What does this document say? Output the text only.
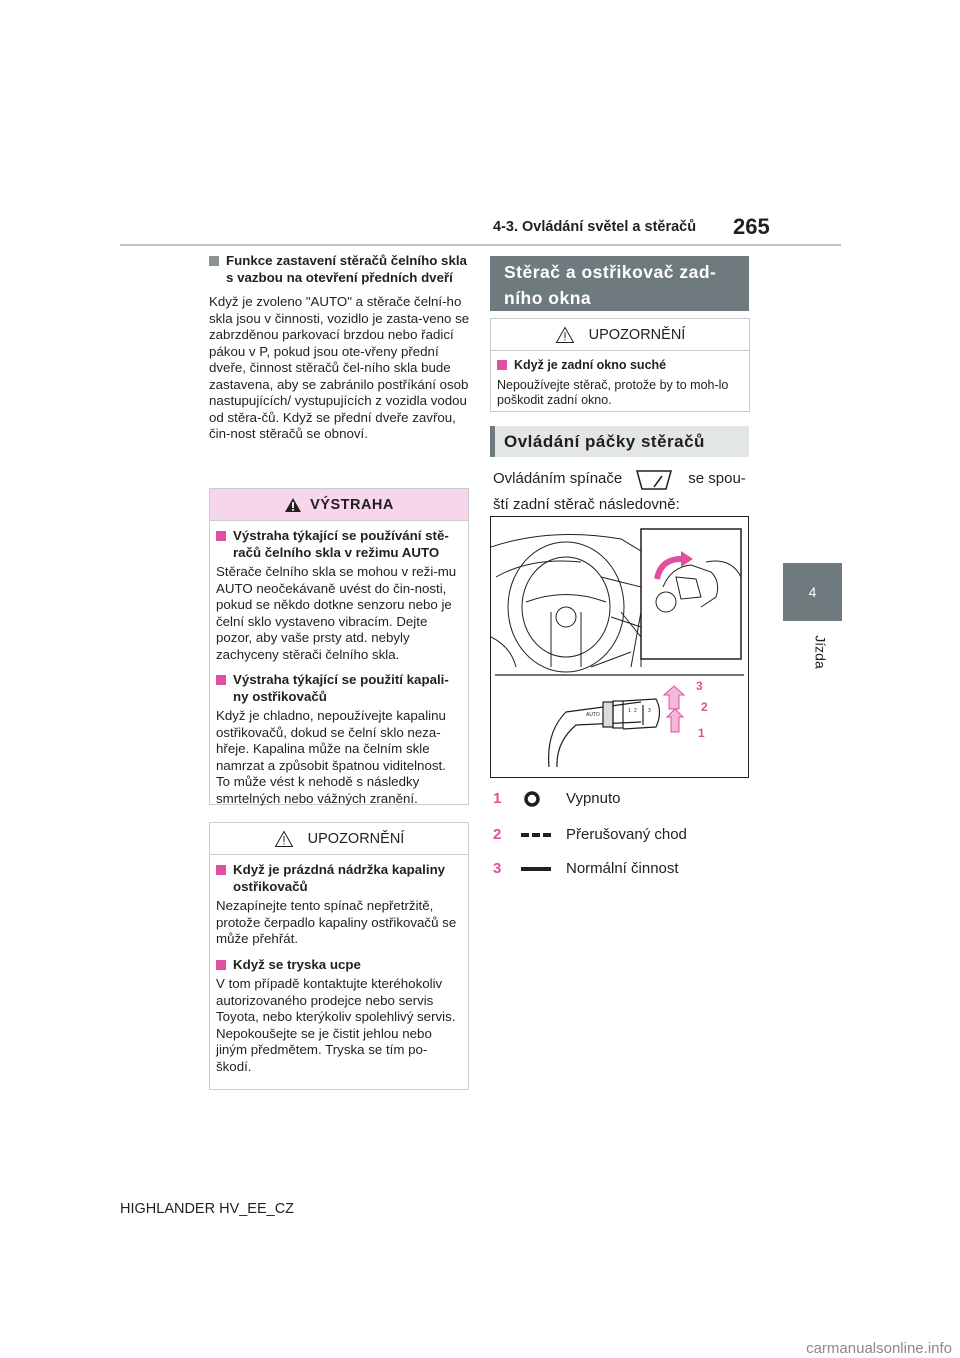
4-3. Ovládání světel a stěračů 265
4
Jízda
Funkce zastavení stěračů čelního skla s vazbou na otevření předních dveří

Když je zvoleno "AUTO" a stěrače čelní-ho skla jsou v činnosti, vozidlo je zasta-veno se zabrzděnou parkovací brzdou nebo řadicí pákou v P, pokud jsou ote-vřeny přední dveře, činnost stěračů čel-ního skla bude zastavena, aby se zabránilo postříkání osob nastupujících/ vystupujících z vozidla vodou od stěra-čů. Když se přední dveře zavřou, čin-nost stěračů se obnoví.

VÝSTRAHA
Výstraha týkající se používání stě-račů čelního skla v režimu AUTO

Stěrače čelního skla se mohou v reži-mu AUTO neočekávaně uvést do čin-nosti, pokud se někdo dotkne senzoru nebo je čelní sklo vystaveno vibracím. Dejte pozor, aby vaše prsty atd. nebyly zachyceny stěrači čelního skla.

Výstraha týkající se použití kapali-ny ostřikovačů

Když je chladno, nepoužívejte kapalinu ostřikovačů, dokud se čelní sklo neza-hřeje. Kapalina může na čelním skle namrzat a způsobit špatnou viditelnost. To může vést k nehodě s následky smrtelných nebo vážných zranění.

UPOZORNĚNÍ
Když je prázdná nádržka kapaliny ostřikovačů

Nezapínejte tento spínač nepřetržitě, protože čerpadlo kapaliny ostřikovačů se může přehřát.

Když se tryska ucpe

V tom případě kontaktujte kteréhokoliv autorizovaného prodejce nebo servis Toyota, nebo kterýkoliv spolehlivý servis.

Nepokoušejte se je čistit jehlou nebo jiným předmětem. Tryska se tím po-škodí.

Stěrač a ostřikovač zad-ního okna
UPOZORNĚNÍ
Když je zadní okno suché

Nepoužívejte stěrač, protože by to moh-lo poškodit zadní okno.

Ovládání páčky stěračů
Ovládáním spínače	se spou-
ští zadní stěrač následovně:
AUTO
1 2 3
3
2
1
1	Vypnuto
2	Přerušovaný chod
3	Normální činnost
HIGHLANDER HV_EE_CZ
carmanualsonline.info
